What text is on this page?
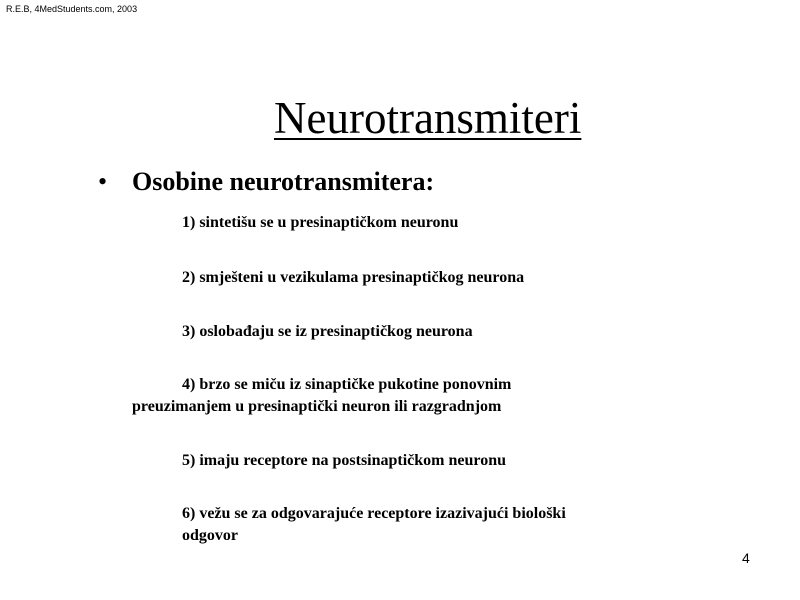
R.E.B, 4MedStudents.com, 2003
Neurotransmiteri
• Osobine neurotransmitera:

1) sintetišu se u presinaptičkom neuronu

2) smješteni u vezikulama presinaptičkog neurona

3) oslobađaju se iz presinaptičkog neurona

4) brzo se miču iz sinaptičke pukotine ponovnim
preuzimanjem u presinaptički neuron ili razgradnjom

5) imaju receptore na postsinaptičkom neuronu

6) vežu se za odgovarajuće receptore izazivajući biološki
odgovor

4
